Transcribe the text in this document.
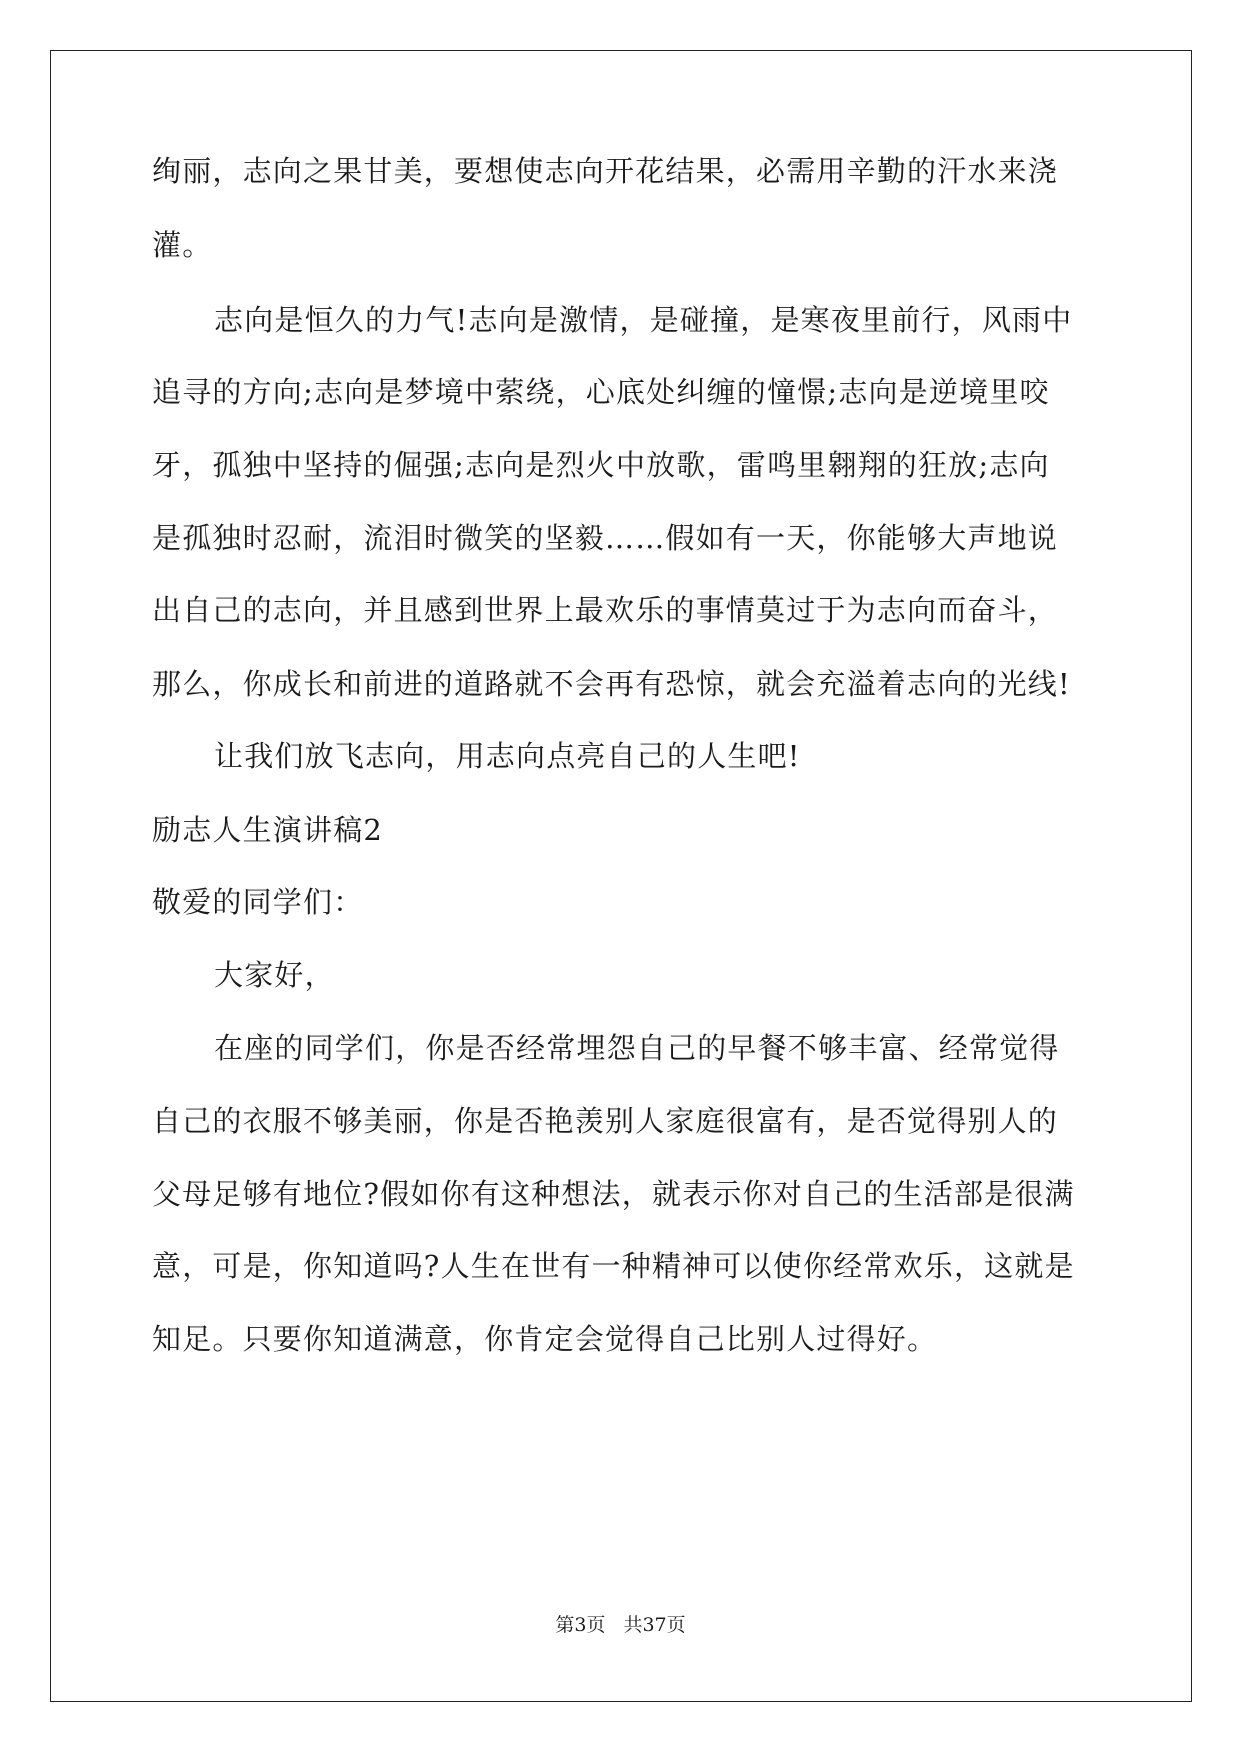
绚丽，志向之果甘美，要想使志向开花结果，必需用辛勤的汗水来浇
灌。
志向是恒久的力气!志向是激情，是碰撞，是寒夜里前行，风雨中
追寻的方向;志向是梦境中萦绕，心底处纠缠的憧憬;志向是逆境里咬
牙，孤独中坚持的倔强;志向是烈火中放歌，雷鸣里翱翔的狂放;志向
是孤独时忍耐，流泪时微笑的坚毅……假如有一天，你能够大声地说
出自己的志向，并且感到世界上最欢乐的事情莫过于为志向而奋斗，
那么，你成长和前进的道路就不会再有恐惊，就会充溢着志向的光线!
让我们放飞志向，用志向点亮自己的人生吧!
励志人生演讲稿2
敬爱的同学们：
大家好，
在座的同学们，你是否经常埋怨自己的早餐不够丰富、经常觉得
自己的衣服不够美丽，你是否艳羡别人家庭很富有，是否觉得别人的
父母足够有地位?假如你有这种想法，就表示你对自己的生活部是很满
意，可是，你知道吗?人生在世有一种精神可以使你经常欢乐，这就是
知足。只要你知道满意，你肯定会觉得自己比别人过得好。
第3页 共37页
